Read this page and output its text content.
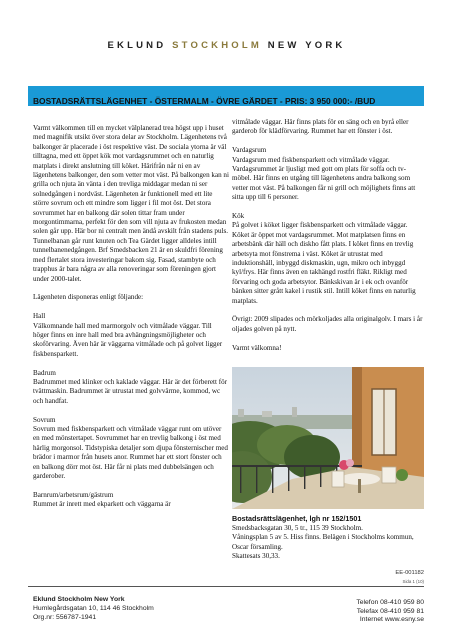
EKLUND STOCKHOLM NEW YORK
BOSTADSRÄTTSLÄGENHET - ÖSTERMALM - ÖVRE GÄRDET - PRIS: 3 950 000:- /BUD

Varmt välkommen till en mycket välplanerad trea högst upp i huset med magnifik utsikt över stora delar av Stockholm. Lägenhetens två balkonger är placerade i öst respektive väst. De sociala ytorna är väl tilltagna, med ett öppet kök mot vardagsrummet och en naturlig matplats i direkt anslutning till köket. Härifrån når ni en av lägenhetens balkonger, den som vetter mot väst. På balkongen kan ni grilla och njuta än vänta i den trevliga middagar medan ni ser solnedgången i nordväst. Lägenheten är funktionell med ett lite större sovrum och ett mindre som ligger i fil mot öst. Det stora sovrummet har en balkong där solen tittar fram under morgontimmarna, perfekt för den som vill njuta av frukosten medan solen går upp. Här bor ni centralt men ändå avskilt från stadens puls. Tunnelbanan går runt knuten och Tea Gärdet ligger alldeles intill tunnelbanenedgången. Brf Smedsbacken 21 är en skuldfri förening med flertalet stora investeringar bakom sig. Fasad, stambyte och trapphus är bara några av alla renoveringar som föreningen gjort under 2000-talet.

Lägenheten disponeras enligt följande:

Hall

Välkomnande hall med marmorgolv och vitmålade väggar. Till höger finns en inre hall med bra avhängningsmöjligheter och skoförvaring. Även här är väggarna vitmålade och på golvet ligger fiskbensparkett.

Badrum

Badrummet med klinker och kaklade väggar. Här är det förberett för tvättmaskin. Badrummet är utrustat med golvvärme, kommod, wc och handfat.

Sovrum

Sovrum med fiskbensparkett och vitmålade väggar runt om utöver en med mönstertapet. Sovrummet har en trevlig balkong i öst med härlig morgonsol. Tidstypiska detaljer som djupa fönsternischer med brädor i marmor från husets anor. Rummet har ett stort fönster och en balkong dörr mot öst. Här får ni plats med dubbelsängen och garderober.

Barnrum/arbetsrum/gästrum
Rummet är inrett med ekparkett och väggarna är

vitmålade väggar. Här finns plats för en säng och en byrå eller garderob för klädförvaring. Rummet har ett fönster i öst.

Vardagsrum

Vardagsrum med fiskbensparkett och vitmålade väggar. Vardagsrummet är ljusligt med gott om plats för soffa och tv-möbel. Här finns en utgång till lägenhetens andra balkong som vetter mot väst. På balkongen får ni grill och möjlighets finns att sitta upp till 6 personer.

Kök

På golvet i köket ligger fiskbensparkett och vitmålade väggar. Köket är öppet mot vardagsrummet. Mot matplatsen finns en arbetsbänk där häll och diskho fått plats. I köket finns en trevlig arbetsyta mot fönstrema i väst. Köket är utrustat med induktionshäll, inbyggd diskmaskin, ugn, mikro och inbyggd kyl/frys. Här finns även en takhängd rostfri fläkt. Rikligt med förvaring och goda arbetsytor. Bänkskivan är i ek och ovanför bänken sitter grått kakel i rustik stil. Intill köket finns en naturlig matplats.

Övrigt: 2009 slipades och mörkoljades alla originalgolv. I mars i år oljades golven på nytt.

Varmt välkomna!

Bostadsrättslägenhet, lgh nr 152/1501
Smedsbacksgatan 30, 5 tr., 115 39 Stockholm.
Våningsplan 5 av 5. Hiss finns. Belägen i Stockholms kommun, Oscar församling.
Skattesats 30,33.
EE-001182
Sida 1 (10)
Eklund Stockholm New York
Humlegårdsgatan 10, 114 46 Stockholm
Org.nr: 556787-1941
Telefon 08-410 959 80
Telefax 08-410 959 81
Internet www.esny.se
